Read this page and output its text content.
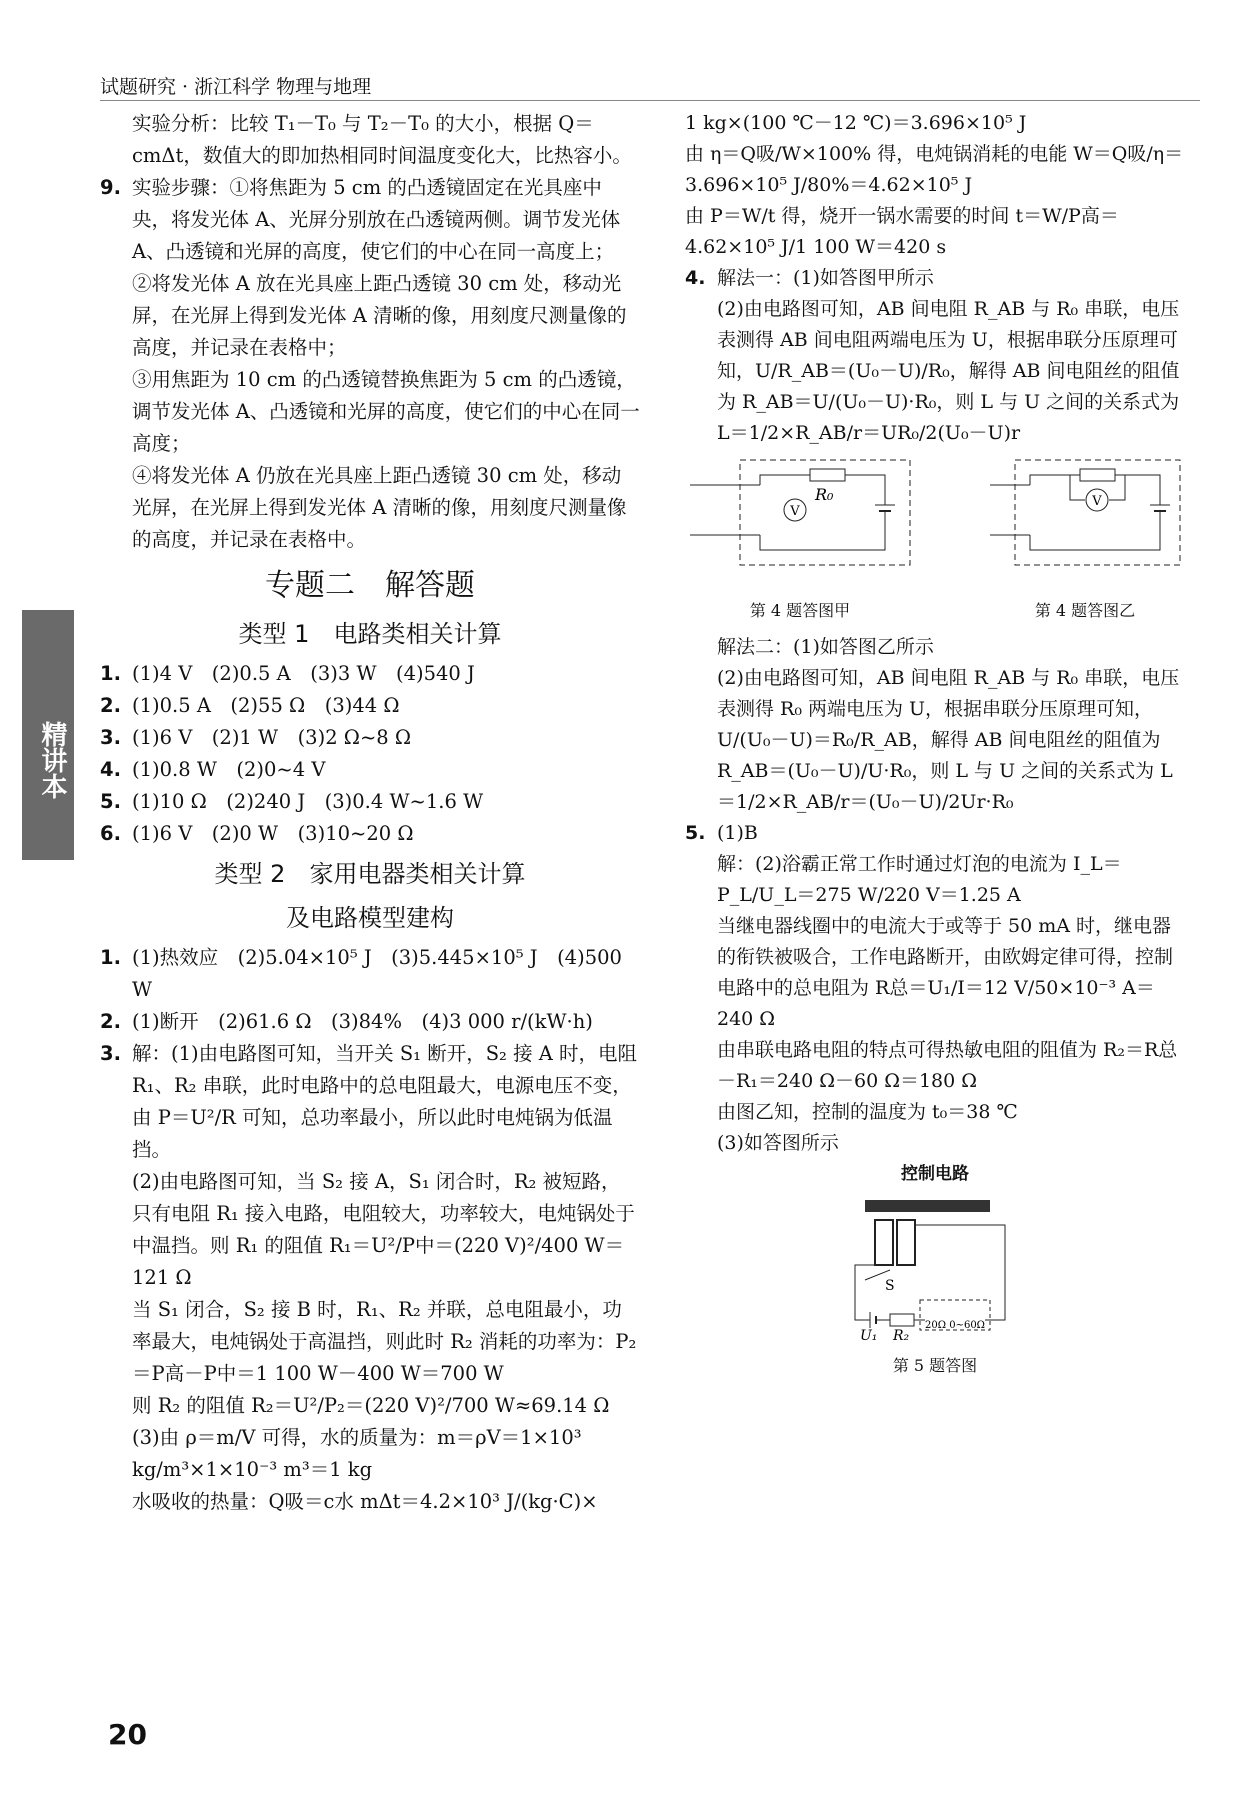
试题研究 · 浙江科学 物理与地理
精讲本

实验分析：比较 T₁－T₀ 与 T₂－T₀ 的大小，根据 Q＝cmΔt，数值大的即加热相同时间温度变化大，比热容小。

9. 实验步骤：①将焦距为 5 cm 的凸透镜固定在光具座中央，将发光体 A、光屏分别放在凸透镜两侧。调节发光体 A、凸透镜和光屏的高度，使它们的中心在同一高度上；

②将发光体 A 放在光具座上距凸透镜 30 cm 处，移动光屏，在光屏上得到发光体 A 清晰的像，用刻度尺测量像的高度，并记录在表格中；

③用焦距为 10 cm 的凸透镜替换焦距为 5 cm 的凸透镜，调节发光体 A、凸透镜和光屏的高度，使它们的中心在同一高度；

④将发光体 A 仍放在光具座上距凸透镜 30 cm 处，移动光屏，在光屏上得到发光体 A 清晰的像，用刻度尺测量像的高度，并记录在表格中。

专题二　解答题
类型 1　电路类相关计算

1. (1)4 V　(2)0.5 A　(3)3 W　(4)540 J

2. (1)0.5 A　(2)55 Ω　(3)44 Ω

3. (1)6 V　(2)1 W　(3)2 Ω~8 Ω

4. (1)0.8 W　(2)0~4 V

5. (1)10 Ω　(2)240 J　(3)0.4 W~1.6 W

6. (1)6 V　(2)0 W　(3)10~20 Ω

类型 2　家用电器类相关计算
及电路模型建构

1. (1)热效应　(2)5.04×10⁵ J　(3)5.445×10⁵ J　(4)500 W

2. (1)断开　(2)61.6 Ω　(3)84%　(4)3 000 r/(kW·h)

3. 解：(1)由电路图可知，当开关 S₁ 断开，S₂ 接 A 时，电阻 R₁、R₂ 串联，此时电路中的总电阻最大，电源电压不变，由 P＝U²/R 可知，总功率最小，所以此时电炖锅为低温挡。

(2)由电路图可知，当 S₂ 接 A，S₁ 闭合时，R₂ 被短路，只有电阻 R₁ 接入电路，电阻较大，功率较大，电炖锅处于中温挡。则 R₁ 的阻值 R₁＝U²/P中＝(220 V)²/400 W＝121 Ω

当 S₁ 闭合，S₂ 接 B 时，R₁、R₂ 并联，总电阻最小，功率最大，电炖锅处于高温挡，则此时 R₂ 消耗的功率为：P₂＝P高－P中＝1 100 W－400 W＝700 W

则 R₂ 的阻值 R₂＝U²/P₂＝(220 V)²/700 W≈69.14 Ω

(3)由 ρ＝m/V 可得，水的质量为：m＝ρV＝1×10³ kg/m³×1×10⁻³ m³＝1 kg

水吸收的热量：Q吸＝c水 mΔt＝4.2×10³ J/(kg·C)×

1 kg×(100 ℃－12 ℃)＝3.696×10⁵ J

由 η＝Q吸/W×100% 得，电炖锅消耗的电能 W＝Q吸/η＝3.696×10⁵ J/80%＝4.62×10⁵ J

由 P＝W/t 得，烧开一锅水需要的时间 t＝W/P高＝4.62×10⁵ J/1 100 W＝420 s

4. 解法一：(1)如答图甲所示

(2)由电路图可知，AB 间电阻 R_AB 与 R₀ 串联，电压表测得 AB 间电阻两端电压为 U，根据串联分压原理可知，U/R_AB＝(U₀－U)/R₀，解得 AB 间电阻丝的阻值为 R_AB＝U/(U₀－U)·R₀，则 L 与 U 之间的关系式为 L＝1/2×R_AB/r＝UR₀/2(U₀－U)r

V
R₀
第 4 题答图甲
V
第 4 题答图乙

解法二：(1)如答图乙所示

(2)由电路图可知，AB 间电阻 R_AB 与 R₀ 串联，电压表测得 R₀ 两端电压为 U，根据串联分压原理可知，U/(U₀－U)＝R₀/R_AB，解得 AB 间电阻丝的阻值为 R_AB＝(U₀－U)/U·R₀，则 L 与 U 之间的关系式为 L＝1/2×R_AB/r＝(U₀－U)/2Ur·R₀

5. (1)B

解：(2)浴霸正常工作时通过灯泡的电流为 I_L＝P_L/U_L＝275 W/220 V＝1.25 A

当继电器线圈中的电流大于或等于 50 mA 时，继电器的衔铁被吸合，工作电路断开，由欧姆定律可得，控制电路中的总电阻为 R总＝U₁/I＝12 V/50×10⁻³ A＝240 Ω

由串联电路电阻的特点可得热敏电阻的阻值为 R₂＝R总－R₁＝240 Ω－60 Ω＝180 Ω

由图乙知，控制的温度为 t₀＝38 ℃

(3)如答图所示

控制电路
S
20Ω 0~60Ω
U₁ R₂
第 5 题答图
20
